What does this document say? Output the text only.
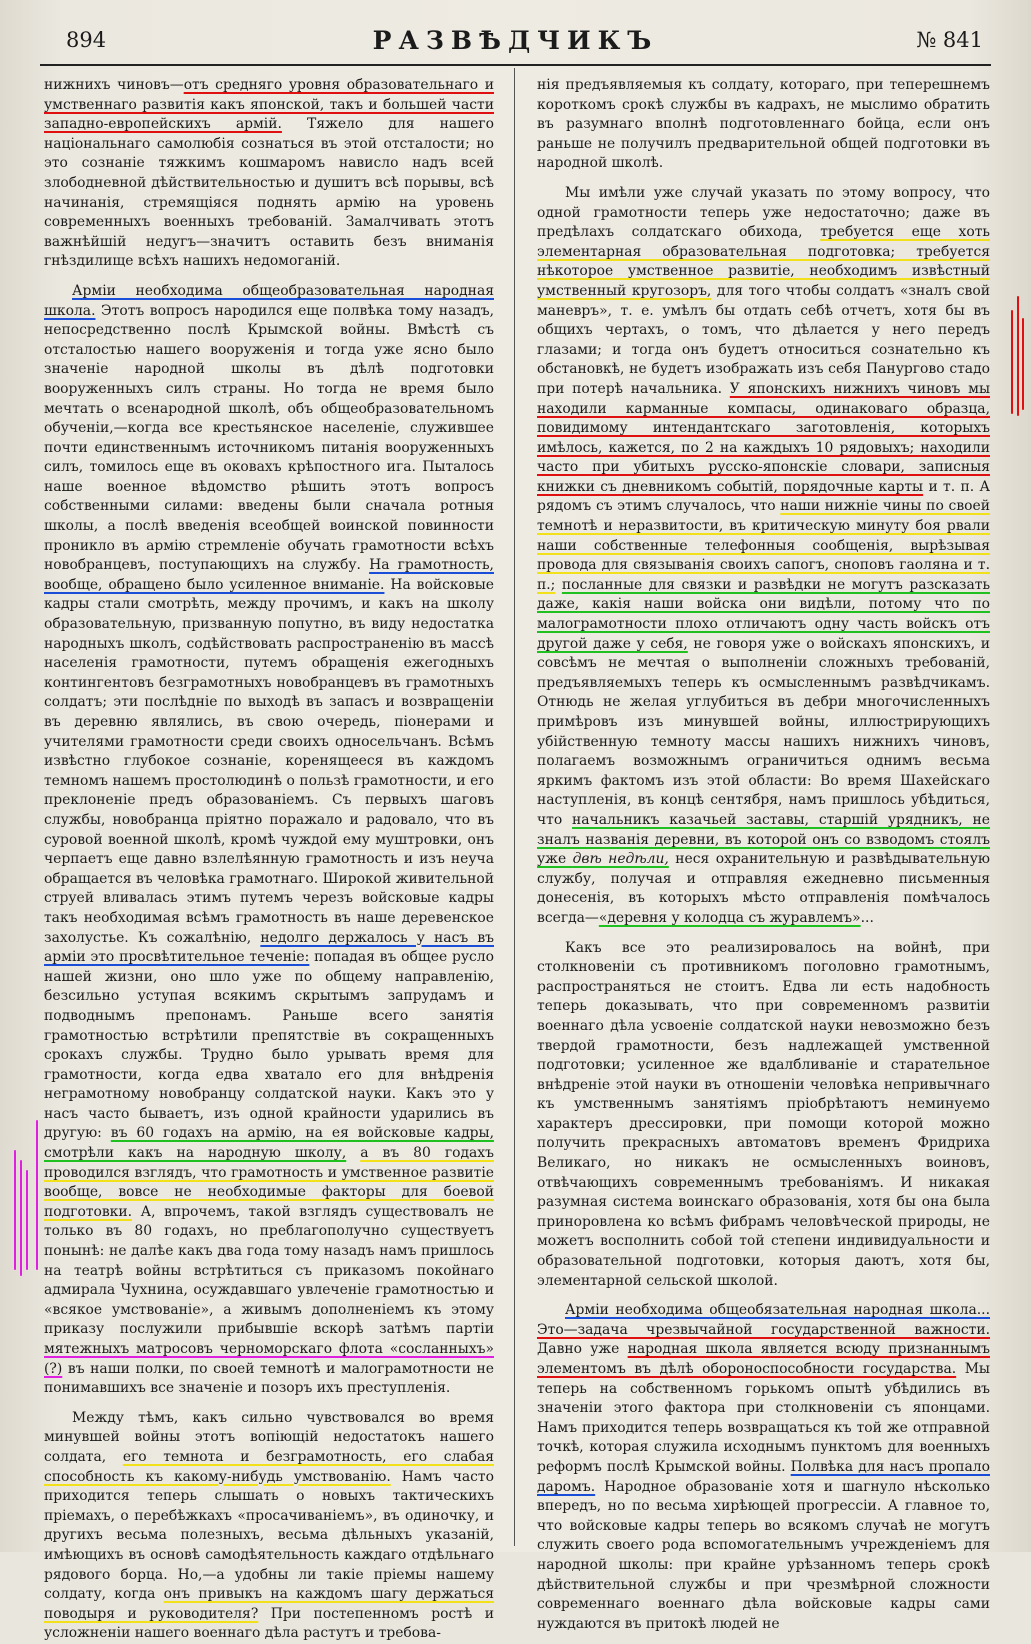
894	РАЗВѢДЧИКЪ	№ 841

нижнихъ чиновъ—отъ средняго уровня образовательнаго и умственнаго развитія какъ японской, такъ и большей части западно-европейскихъ армій. Тяжело для нашего національнаго самолюбія сознаться въ этой отсталости; но это сознаніе тяжкимъ кошмаромъ нависло надъ всей злободневной дѣйствительностью и душитъ всѣ порывы, всѣ начинанія, стремящіяся поднять армію на уровень современныхъ военныхъ требованій. Замалчивать этотъ важнѣйшій недугъ—значитъ оставить безъ вниманія гнѣздилище всѣхъ нашихъ недомоганій.

Арміи необходима общеобразовательная народная школа. Этотъ вопросъ народился еще полвѣка тому назадъ, непосредственно послѣ Крымской войны. Вмѣстѣ съ отсталостью нашего вооруженія и тогда уже ясно было значеніе народной школы въ дѣлѣ подготовки вооруженныхъ силъ страны. Но тогда не время было мечтать о всенародной школѣ, объ общеобразовательномъ обученіи,—когда все крестьянское населеніе, служившее почти единственнымъ источникомъ питанія вооруженныхъ силъ, томилось еще въ оковахъ крѣпостного ига. Пыталось наше военное вѣдомство рѣшить этотъ вопросъ собственными силами: введены были сначала ротныя школы, а послѣ введенія всеобщей воинской повинности проникло въ армію стремленіе обучать грамотности всѣхъ новобранцевъ, поступающихъ на службу. На грамотность, вообще, обращено было усиленное вниманіе. На войсковые кадры стали смотрѣть, между прочимъ, и какъ на школу образовательную, призванную попутно, въ виду недостатка народныхъ школъ, содѣйствовать распространенію въ массѣ населенія грамотности, путемъ обращенія ежегодныхъ контингентовъ безграмотныхъ новобранцевъ въ грамотныхъ солдатъ; эти послѣдніе по выходѣ въ запасъ и возвращеніи въ деревню являлись, въ свою очередь, піонерами и учителями грамотности среди своихъ односельчанъ. Всѣмъ извѣстно глубокое сознаніе, коренящееся въ каждомъ темномъ нашемъ простолюдинѣ о пользѣ грамотности, и его преклоненіе предъ образованіемъ. Съ первыхъ шаговъ службы, новобранца пріятно поражало и радовало, что въ суровой военной школѣ, кромѣ чуждой ему муштровки, онъ черпаетъ еще давно взлелѣянную грамотность и изъ неуча обращается въ человѣка грамотнаго. Широкой живительной струей вливалась этимъ путемъ черезъ войсковые кадры такъ необходимая всѣмъ грамотность въ наше деревенское захолустье. Къ сожалѣнію, недолго держалось у насъ въ арміи это просвѣтительное теченіе: попадая въ общее русло нашей жизни, оно шло уже по общему направленію, безсильно уступая всякимъ скрытымъ запрудамъ и подводнымъ препонамъ. Раньше всего занятія грамотностью встрѣтили препятствіе въ сокращенныхъ срокахъ службы. Трудно было урывать время для грамотности, когда едва хватало его для внѣдренія неграмотному новобранцу солдатской науки. Какъ это у насъ часто бываетъ, изъ одной крайности ударились въ другую: въ 60 годахъ на армію, на ея войсковые кадры, смотрѣли какъ на народную школу, а въ 80 годахъ проводился взглядъ, что грамотность и умственное развитіе вообще, вовсе не необходимые факторы для боевой подготовки. А, впрочемъ, такой взглядъ существовалъ не только въ 80 годахъ, но преблагополучно существуетъ понынѣ: не далѣе какъ два года тому назадъ намъ пришлось на театрѣ войны встрѣтиться съ приказомъ покойнаго адмирала Чухнина, осуждавшаго увлеченіе грамотностью и «всякое умствованіе», а живымъ дополненіемъ къ этому приказу послужили прибывшіе вскорѣ затѣмъ партіи мятежныхъ матросовъ черноморскаго флота «сосланныхъ» (?) въ наши полки, по своей темнотѣ и малограмотности не понимавшихъ все значеніе и позоръ ихъ преступленія.

Между тѣмъ, какъ сильно чувствовался во время минувшей войны этотъ вопіющій недостатокъ нашего солдата, его темнота и безграмотность, его слабая способность къ какому-нибудь умствованію. Намъ часто приходится теперь слышать о новыхъ тактическихъ пріемахъ, о перебѣжкахъ «просачиваніемъ», въ одиночку, и другихъ весьма полезныхъ, весьма дѣльныхъ указаній, имѣющихъ въ основѣ самодѣятельность каждаго отдѣльнаго рядового борца. Но,—а удобны ли такіе пріемы нашему солдату, когда онъ привыкъ на каждомъ шагу держаться поводыря и руководителя? При постепенномъ ростѣ и усложненіи нашего военнаго дѣла растутъ и требова-

нія предъявляемыя къ солдату, котораго, при теперешнемъ короткомъ срокѣ службы въ кадрахъ, не мыслимо обратить въ разумнаго вполнѣ подготовленнаго бойца, если онъ раньше не получилъ предварительной общей подготовки въ народной школѣ.

Мы имѣли уже случай указать по этому вопросу, что одной грамотности теперь уже недостаточно; даже въ предѣлахъ солдатскаго обихода, требуется еще хоть элементарная образовательная подготовка; требуется нѣкоторое умственное развитіе, необходимъ извѣстный умственный кругозоръ, для того чтобы солдатъ «зналъ свой маневръ», т. е. умѣлъ бы отдать себѣ отчетъ, хотя бы въ общихъ чертахъ, о томъ, что дѣлается у него передъ глазами; и тогда онъ будетъ относиться сознательно къ обстановкѣ, не будетъ изображать изъ себя Панургово стадо при потерѣ начальника. У японскихъ нижнихъ чиновъ мы находили карманные компасы, одинаковаго образца, повидимому интендантскаго заготовленія, которыхъ имѣлось, кажется, по 2 на каждыхъ 10 рядовыхъ; находили часто при убитыхъ русско-японскіе словари, записныя книжки съ дневникомъ событій, порядочные карты и т. п. А рядомъ съ этимъ случалось, что наши нижніе чины по своей темнотѣ и неразвитости, въ критическую минуту боя рвали наши собственные телефонныя сообщенія, вырѣзывая провода для связыванія своихъ сапогъ, сноповъ гаоляна и т. п.; посланные для связки и развѣдки не могутъ разсказать даже, какія наши войска они видѣли, потому что по малограмотности плохо отличаютъ одну часть войскъ отъ другой даже у себя, не говоря уже о войскахъ японскихъ, и совсѣмъ не мечтая о выполненіи сложныхъ требованій, предъявляемыхъ теперь къ осмысленнымъ развѣдчикамъ. Отнюдь не желая углубиться въ дебри многочисленныхъ примѣровъ изъ минувшей войны, иллюстрирующихъ убійственную темноту массы нашихъ нижнихъ чиновъ, полагаемъ возможнымъ ограничиться однимъ весьма яркимъ фактомъ изъ этой области: Во время Шахейскаго наступленія, въ концѣ сентября, намъ пришлось убѣдиться, что начальникъ казачьей заставы, старшій урядникъ, не зналъ названія деревни, въ которой онъ со взводомъ стоялъ уже двѣ недѣли, неся охранительную и развѣдывательную службу, получая и отправляя ежедневно письменныя донесенія, въ которыхъ мѣсто отправленія помѣчалось всегда—«деревня у колодца съ журавлемъ»...

Какъ все это реализировалось на войнѣ, при столкновеніи съ противникомъ поголовно грамотнымъ, распространяться не стоитъ. Едва ли есть надобность теперь доказывать, что при современномъ развитіи военнаго дѣла усвоеніе солдатской науки невозможно безъ твердой грамотности, безъ надлежащей умственной подготовки; усиленное же вдалбливаніе и старательное внѣдреніе этой науки въ отношеніи человѣка непривычнаго къ умственнымъ занятіямъ пріобрѣтаютъ неминуемо характеръ дрессировки, при помощи которой можно получить прекрасныхъ автоматовъ временъ Фридриха Великаго, но никакъ не осмысленныхъ воиновъ, отвѣчающихъ современнымъ требованіямъ. И никакая разумная система воинскаго образованія, хотя бы она была приноровлена ко всѣмъ фибрамъ человѣческой природы, не можетъ восполнить собой той степени индивидуальности и образовательной подготовки, которыя даютъ, хотя бы, элементарной сельской школой.

Арміи необходима общеобязательная народная школа... Это—задача чрезвычайной государственной важности. Давно уже народная школа является всюду признаннымъ элементомъ въ дѣлѣ обороноспособности государства. Мы теперь на собственномъ горькомъ опытѣ убѣдились въ значеніи этого фактора при столкновеніи съ японцами. Намъ приходится теперь возвращаться къ той же отправной точкѣ, которая служила исходнымъ пунктомъ для военныхъ реформъ послѣ Крымской войны. Полвѣка для насъ пропало даромъ. Народное образованіе хотя и шагнуло нѣсколько впередъ, но по весьма хирѣющей прогрессіи. А главное то, что войсковые кадры теперь во всякомъ случаѣ не могутъ служить своего рода вспомогательнымъ учрежденіемъ для народной школы: при крайне урѣзанномъ теперь срокѣ дѣйствительной службы и при чрезмѣрной сложности современнаго военнаго дѣла войсковые кадры сами нуждаются въ притокѣ людей не
